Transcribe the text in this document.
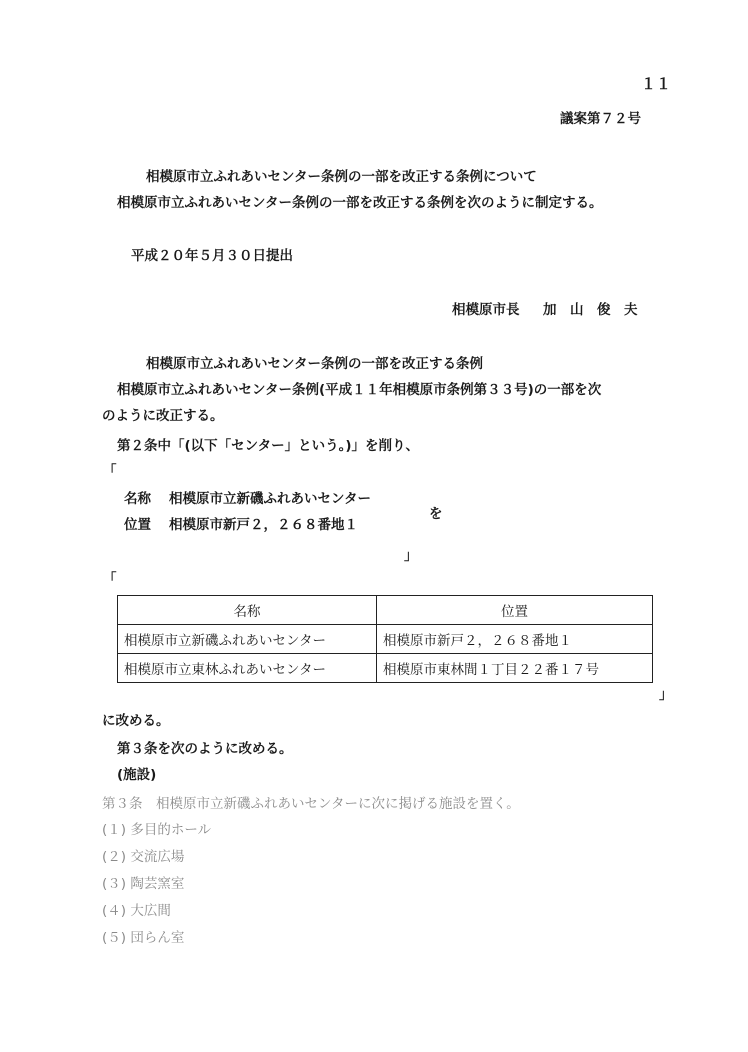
１１
議案第７２号
相模原市立ふれあいセンター条例の一部を改正する条例について
相模原市立ふれあいセンター条例の一部を改正する条例を次のように制定する。
平成２０年５月３０日提出
相模原市長 加　山　俊　夫
相模原市立ふれあいセンター条例の一部を改正する条例
相模原市立ふれあいセンター条例(平成１１年相模原市条例第３３号)の一部を次
のように改正する。
第２条中「(以下「センター」という。)」を削り、
「
名称 相模原市立新磯ふれあいセンター
位置 相模原市新戸２，２６８番地１
を
」
「
名称	位置
相模原市立新磯ふれあいセンター	相模原市新戸２，２６８番地１
相模原市立東林ふれあいセンター	相模原市東林間１丁目２２番１７号
」
に改める。
第３条を次のように改める。
(施設)
第３条　相模原市立新磯ふれあいセンターに次に掲げる施設を置く。
(１) 多目的ホール
(２) 交流広場
(３) 陶芸窯室
(４) 大広間
(５) 団らん室
